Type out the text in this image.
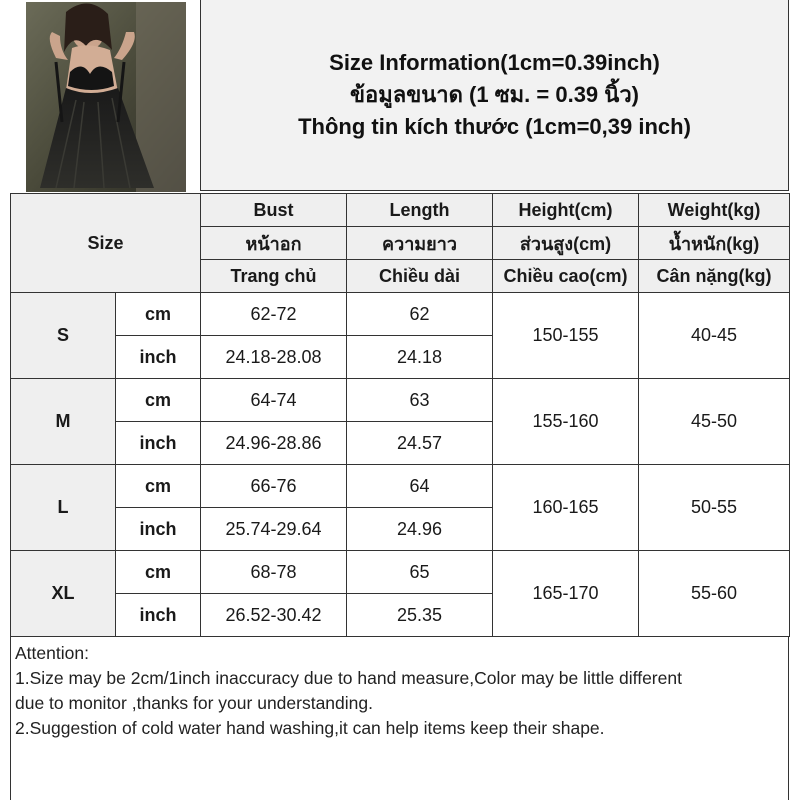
Size Information(1cm=0.39inch)
ข้อมูลขนาด (1 ซม. = 0.39 นิ้ว)
Thông tin kích thước (1cm=0,39 inch)
Size		Bust	Length	Height(cm)	Weight(kg)
		หน้าอก	ความยาว	ส่วนสูง(cm)	น้ำหนัก(kg)
		Trang chủ	Chiều dài	Chiều cao(cm)	Cân nặng(kg)
S	cm	62-72	62	150-155	40-45
	inch	24.18-28.08	24.18		
M	cm	64-74	63	155-160	45-50
	inch	24.96-28.86	24.57		
L	cm	66-76	64	160-165	50-55
	inch	25.74-29.64	24.96		
XL	cm	68-78	65	165-170	55-60
	inch	26.52-30.42	25.35		
Attention:
1.Size may be 2cm/1inch inaccuracy due to hand measure,Color may be little different
due to monitor ,thanks for your understanding.
2.Suggestion of cold water hand washing,it can help items keep their shape.
